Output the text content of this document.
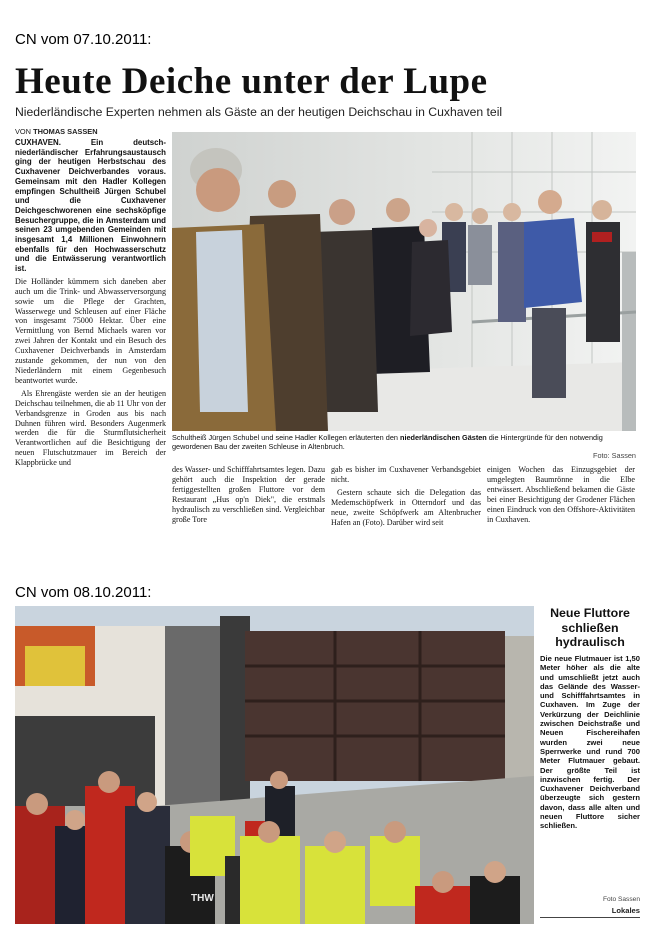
CN vom 07.10.2011:
Heute Deiche unter der Lupe
Niederländische Experten nehmen als Gäste an der heutigen Deichschau in Cuxhaven teil
VON THOMAS SASSEN

CUXHAVEN. Ein deutsch-niederländischer Erfahrungsaustausch ging der heutigen Herbstschau des Cuxhavener Deichverbandes voraus. Gemeinsam mit den Hadler Kollegen empfingen Schultheiß Jürgen Schubel und die Cuxhavener Deichgeschworenen eine sechsköpfige Besuchergruppe, die in Amsterdam und seinen 23 umgebenden Gemeinden mit insgesamt 1,4 Millionen Einwohnern ebenfalls für den Hochwasserschutz und die Entwässerung verantwortlich ist.

Die Holländer kümmern sich daneben aber auch um die Trink- und Abwasserversorgung sowie um die Pflege der Grachten, Wasserwege und Schleusen auf einer Fläche von insgesamt 75000 Hektar. Über eine Vermittlung von Bernd Michaels waren vor zwei Jahren der Kontakt und ein Besuch des Cuxhavener Deichverbands in Amsterdam zustande gekommen, der nun von den Niederländern mit einem Gegenbesuch beantwortet wurde.

Als Ehrengäste werden sie an der heutigen Deichschau teilnehmen, die ab 11 Uhr von der Verbandsgrenze in Groden aus bis nach Duhnen führen wird. Besonders Augenmerk werden die für die Sturmflutsicherheit Verantwortlichen auf die Besichtigung der neuen Flutschutzmauer im Bereich der Klappbrücke und

Schultheiß Jürgen Schubel und seine Hadler Kollegen erläuterten den niederländischen Gästen die Hintergründe für den notwendig gewordenen Bau der zweiten Schleuse in Altenbruch.
Foto: Sassen

des Wasser- und Schifffahrtsamtes legen. Dazu gehört auch die Inspektion der gerade fertiggestellten großen Fluttore vor dem Restaurant „Hus op'n Diek", die erstmals hydraulisch zu verschließen sind. Vergleichbar große Tore

gab es bisher im Cuxhavener Verbandsgebiet nicht.

Gestern schaute sich die Delegation das Medemschöpfwerk in Otterndorf und das neue, zweite Schöpfwerk am Altenbrucher Hafen an (Foto). Darüber wird seit

einigen Wochen das Einzugsgebiet der umgelegten Baumrönne in die Elbe entwässert. Abschließend bekamen die Gäste bei einer Besichtigung der Grodener Flächen einen Eindruck von den Offshore-Aktivitäten in Cuxhaven.

CN vom 08.10.2011:
THW
Neue Fluttore schließen hydraulisch
Die neue Flutmauer ist 1,50 Meter höher als die alte und umschließt jetzt auch das Gelände des Wasser- und Schifffahrtsamtes in Cuxhaven. Im Zuge der Verkürzung der Deichlinie zwischen Deichstraße und Neuen Fischereihafen wurden zwei neue Sperrwerke und rund 700 Meter Flutmauer gebaut. Der größte Teil ist inzwischen fertig. Der Cuxhavener Deichverband überzeugte sich gestern davon, dass alle alten und neuen Fluttore sicher schließen.
Foto Sassen
Lokales
